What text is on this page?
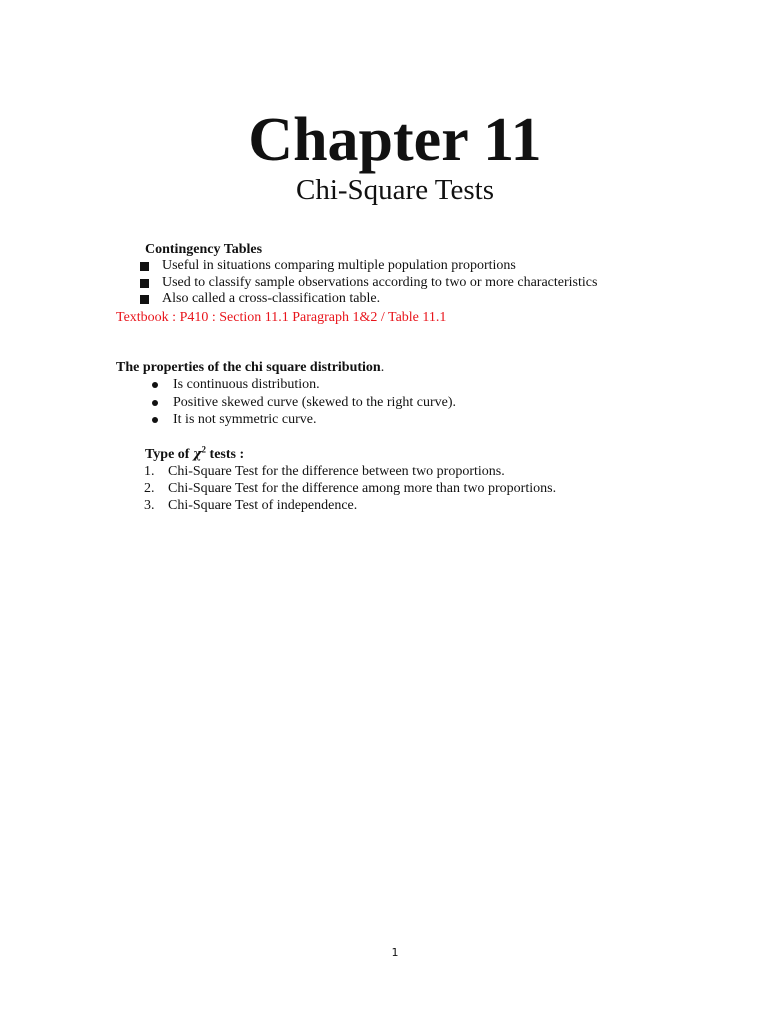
Chapter 11
Chi-Square Tests
Contingency Tables
Useful in situations comparing multiple population proportions
Used to classify sample observations according to two or more characteristics
Also called a cross-classification table.
Textbook : P410 : Section 11.1 Paragraph 1&2 / Table 11.1
The properties of the chi square distribution.
Is continuous distribution.
Positive skewed curve (skewed to the right curve).
It is not symmetric curve.
Type of $\chi^2$ tests :
1. Chi-Square Test for the difference between two proportions.
2. Chi-Square Test for the difference among more than two proportions.
3. Chi-Square Test of independence.
1
